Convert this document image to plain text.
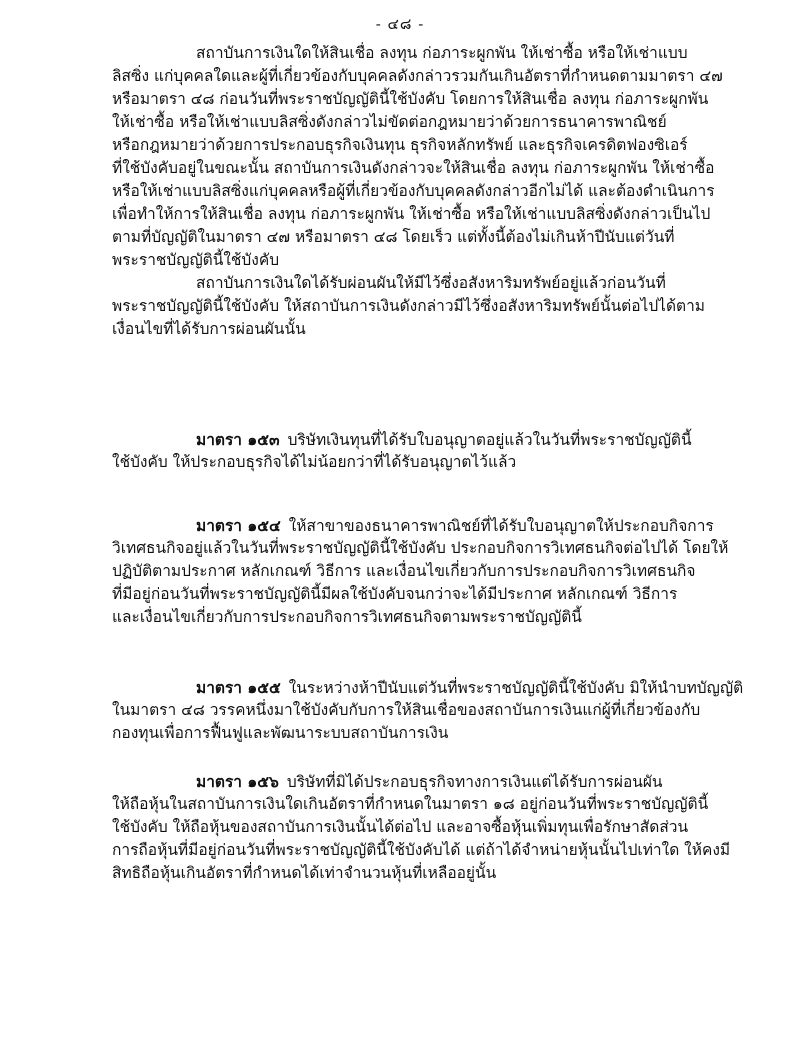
- ๔๘ -
สถาบันการเงินใดให้สินเชื่อ ลงทุน ก่อภาระผูกพัน ให้เช่าซื้อ หรือให้เช่าแบบ
ลิสซิ่ง แก่บุคคลใดและผู้ที่เกี่ยวข้องกับบุคคลดังกล่าวรวมกันเกินอัตราที่กำหนดตามมาตรา ๔๗
หรือมาตรา ๔๘ ก่อนวันที่พระราชบัญญัตินี้ใช้บังคับ โดยการให้สินเชื่อ ลงทุน ก่อภาระผูกพัน
ให้เช่าซื้อ หรือให้เช่าแบบลิสซิ่งดังกล่าวไม่ขัดต่อกฎหมายว่าด้วยการธนาคารพาณิชย์
หรือกฎหมายว่าด้วยการประกอบธุรกิจเงินทุน ธุรกิจหลักทรัพย์ และธุรกิจเครดิตฟองซิเอร์
ที่ใช้บังคับอยู่ในขณะนั้น สถาบันการเงินดังกล่าวจะให้สินเชื่อ ลงทุน ก่อภาระผูกพัน ให้เช่าซื้อ
หรือให้เช่าแบบลิสซิ่งแก่บุคคลหรือผู้ที่เกี่ยวข้องกับบุคคลดังกล่าวอีกไม่ได้ และต้องดำเนินการ
เพื่อทำให้การให้สินเชื่อ ลงทุน ก่อภาระผูกพัน ให้เช่าซื้อ หรือให้เช่าแบบลิสซิ่งดังกล่าวเป็นไป
ตามที่บัญญัติในมาตรา ๔๗ หรือมาตรา ๔๘ โดยเร็ว แต่ทั้งนี้ต้องไม่เกินห้าปีนับแต่วันที่
พระราชบัญญัตินี้ใช้บังคับ
สถาบันการเงินใดได้รับผ่อนผันให้มีไว้ซึ่งอสังหาริมทรัพย์อยู่แล้วก่อนวันที่
พระราชบัญญัตินี้ใช้บังคับ ให้สถาบันการเงินดังกล่าวมีไว้ซึ่งอสังหาริมทรัพย์นั้นต่อไปได้ตาม
เงื่อนไขที่ได้รับการผ่อนผันนั้น
มาตรา ๑๕๓ บริษัทเงินทุนที่ได้รับใบอนุญาตอยู่แล้วในวันที่พระราชบัญญัตินี้
ใช้บังคับ ให้ประกอบธุรกิจได้ไม่น้อยกว่าที่ได้รับอนุญาตไว้แล้ว
มาตรา ๑๕๔ ให้สาขาของธนาคารพาณิชย์ที่ได้รับใบอนุญาตให้ประกอบกิจการ
วิเทศธนกิจอยู่แล้วในวันที่พระราชบัญญัตินี้ใช้บังคับ ประกอบกิจการวิเทศธนกิจต่อไปได้ โดยให้
ปฏิบัติตามประกาศ หลักเกณฑ์ วิธีการ และเงื่อนไขเกี่ยวกับการประกอบกิจการวิเทศธนกิจ
ที่มีอยู่ก่อนวันที่พระราชบัญญัตินี้มีผลใช้บังคับจนกว่าจะได้มีประกาศ หลักเกณฑ์ วิธีการ
และเงื่อนไขเกี่ยวกับการประกอบกิจการวิเทศธนกิจตามพระราชบัญญัตินี้
มาตรา ๑๕๕ ในระหว่างห้าปีนับแต่วันที่พระราชบัญญัตินี้ใช้บังคับ มิให้นำบทบัญญัติ
ในมาตรา ๔๘ วรรคหนึ่งมาใช้บังคับกับการให้สินเชื่อของสถาบันการเงินแก่ผู้ที่เกี่ยวข้องกับ
กองทุนเพื่อการฟื้นฟูและพัฒนาระบบสถาบันการเงิน
มาตรา ๑๕๖ บริษัทที่มิได้ประกอบธุรกิจทางการเงินแต่ได้รับการผ่อนผัน
ให้ถือหุ้นในสถาบันการเงินใดเกินอัตราที่กำหนดในมาตรา ๑๘ อยู่ก่อนวันที่พระราชบัญญัตินี้
ใช้บังคับ ให้ถือหุ้นของสถาบันการเงินนั้นได้ต่อไป และอาจซื้อหุ้นเพิ่มทุนเพื่อรักษาสัดส่วน
การถือหุ้นที่มีอยู่ก่อนวันที่พระราชบัญญัตินี้ใช้บังคับได้ แต่ถ้าได้จำหน่ายหุ้นนั้นไปเท่าใด ให้คงมี
สิทธิถือหุ้นเกินอัตราที่กำหนดได้เท่าจำนวนหุ้นที่เหลืออยู่นั้น
